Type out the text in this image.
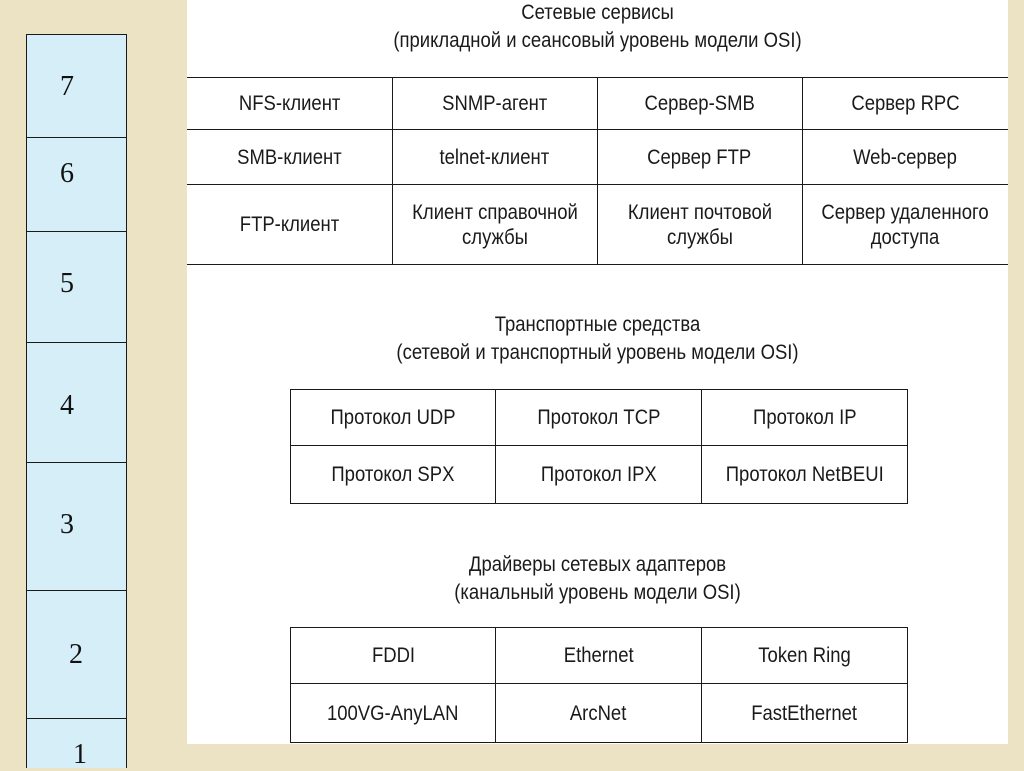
7
6
5
4
3
2
1
Сетевые сервисы
(прикладной и сеансовый уровень модели OSI)
NFS-клиент	SNMP-агент	Сервер-SMB	Сервер RPC
SMB-клиент	telnet-клиент	Сервер FTP	Web-сервер
FTP-клиент	Клиент справочной службы	Клиент почтовой службы	Сервер удаленного доступа
Транспортные средства
(сетевой и транспортный уровень модели OSI)
Протокол UDP	Протокол TCP	Протокол IP
Протокол SPX	Протокол IPX	Протокол NetBEUI
Драйверы сетевых адаптеров
(канальный уровень модели OSI)
FDDI	Ethernet	Token Ring
100VG-AnyLAN	ArcNet	FastEthernet
